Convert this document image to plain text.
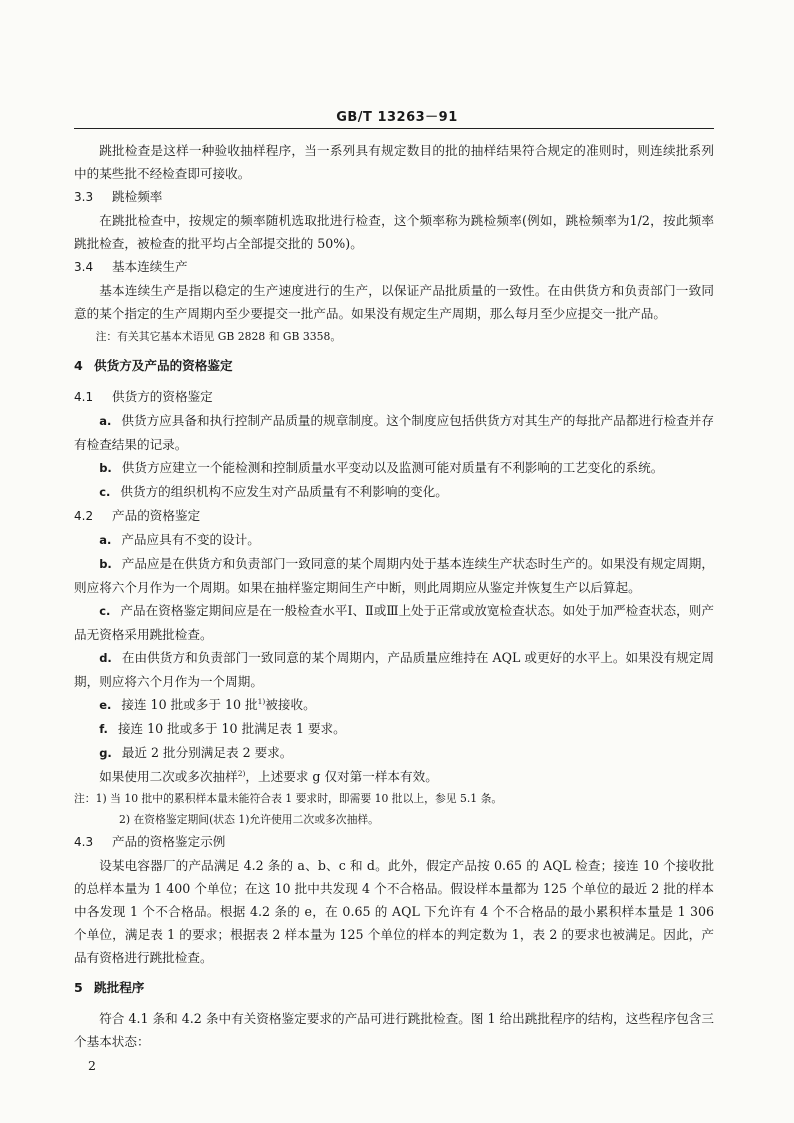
GB/T 13263－91

跳批检查是这样一种验收抽样程序，当一系列具有规定数目的批的抽样结果符合规定的准则时，则连续批系列中的某些批不经检查即可接收。

3.3 跳检频率

在跳批检查中，按规定的频率随机选取批进行检查，这个频率称为跳检频率(例如，跳检频率为1/2，按此频率跳批检查，被检查的批平均占全部提交批的 50%)。

3.4 基本连续生产

基本连续生产是指以稳定的生产速度进行的生产，以保证产品批质量的一致性。在由供货方和负责部门一致同意的某个指定的生产周期内至少要提交一批产品。如果没有规定生产周期，那么每月至少应提交一批产品。

注：有关其它基本术语见 GB 2828 和 GB 3358。

4 供货方及产品的资格鉴定

4.1 供货方的资格鉴定

a. 供货方应具备和执行控制产品质量的规章制度。这个制度应包括供货方对其生产的每批产品都进行检查并存有检查结果的记录。

b. 供货方应建立一个能检测和控制质量水平变动以及监测可能对质量有不利影响的工艺变化的系统。

c. 供货方的组织机构不应发生对产品质量有不利影响的变化。

4.2 产品的资格鉴定

a. 产品应具有不变的设计。

b. 产品应是在供货方和负责部门一致同意的某个周期内处于基本连续生产状态时生产的。如果没有规定周期，则应将六个月作为一个周期。如果在抽样鉴定期间生产中断，则此周期应从鉴定并恢复生产以后算起。

c. 产品在资格鉴定期间应是在一般检查水平Ⅰ、Ⅱ或Ⅲ上处于正常或放宽检查状态。如处于加严检查状态，则产品无资格采用跳批检查。

d. 在由供货方和负责部门一致同意的某个周期内，产品质量应维持在 AQL 或更好的水平上。如果没有规定周期，则应将六个月作为一个周期。

e. 接连 10 批或多于 10 批$^{1)}$被接收。

f. 接连 10 批或多于 10 批满足表 1 要求。

g. 最近 2 批分别满足表 2 要求。

如果使用二次或多次抽样$^{2)}$，上述要求 g 仅对第一样本有效。

注：1) 当 10 批中的累积样本量未能符合表 1 要求时，即需要 10 批以上，参见 5.1 条。

2) 在资格鉴定期间(状态 1)允许使用二次或多次抽样。

4.3 产品的资格鉴定示例

设某电容器厂的产品满足 4.2 条的 a、b、c 和 d。此外，假定产品按 0.65 的 AQL 检查；接连 10 个接收批的总样本量为 1 400 个单位；在这 10 批中共发现 4 个不合格品。假设样本量都为 125 个单位的最近 2 批的样本中各发现 1 个不合格品。根据 4.2 条的 e，在 0.65 的 AQL 下允许有 4 个不合格品的最小累积样本量是 1 306 个单位，满足表 1 的要求；根据表 2 样本量为 125 个单位的样本的判定数为 1，表 2 的要求也被满足。因此，产品有资格进行跳批检查。

5 跳批程序

符合 4.1 条和 4.2 条中有关资格鉴定要求的产品可进行跳批检查。图 1 给出跳批程序的结构，这些程序包含三个基本状态：

2
